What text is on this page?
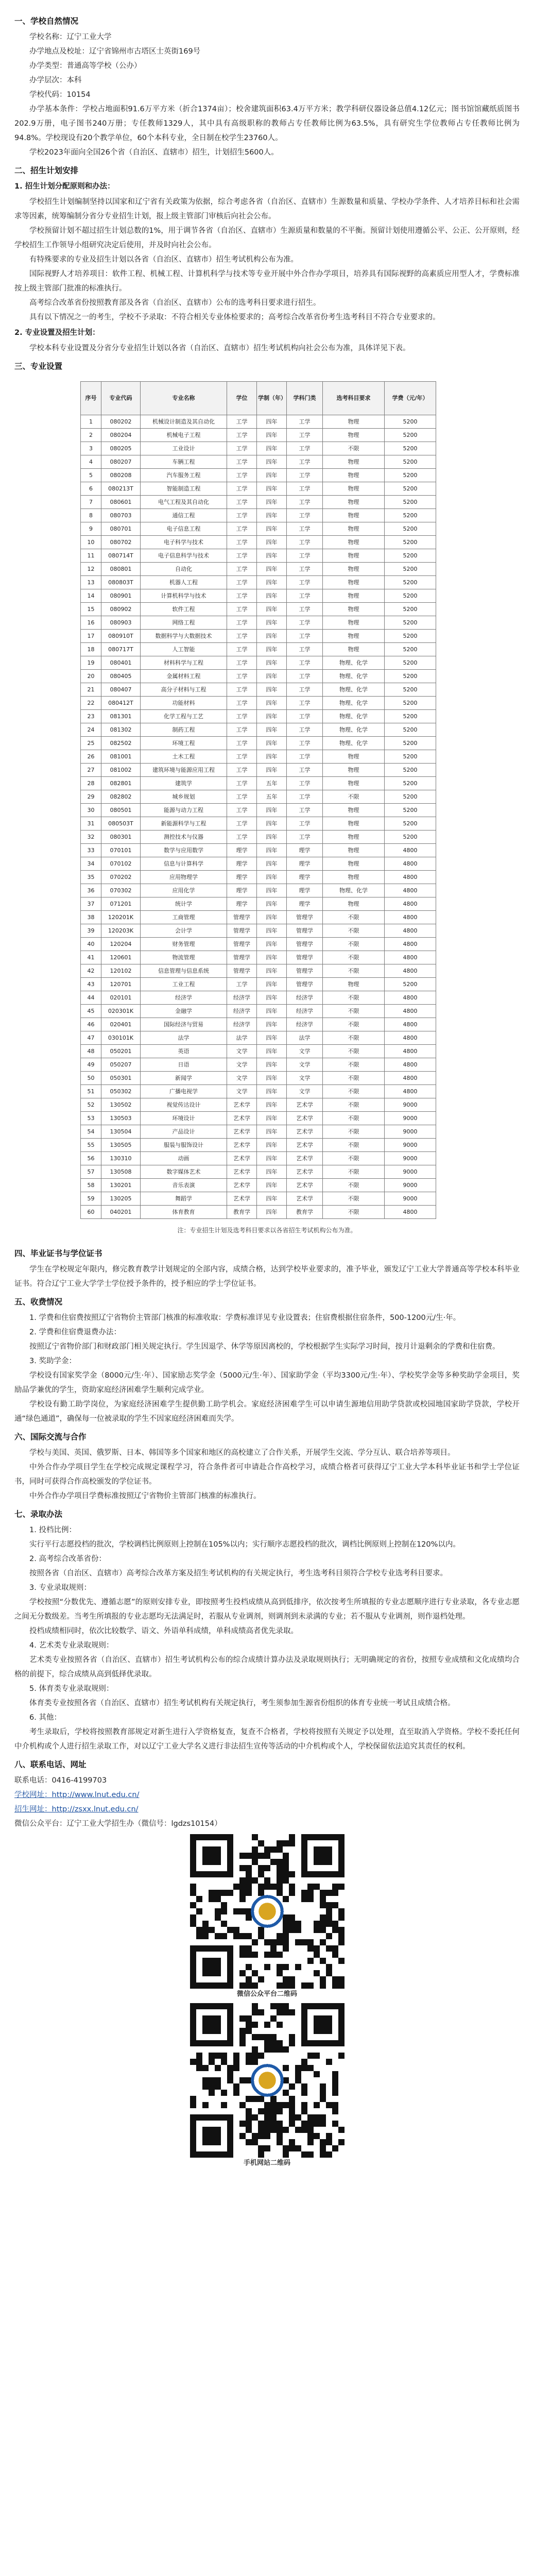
一、学校自然情况

学校名称：辽宁工业大学

办学地点及校址：辽宁省锦州市古塔区士英街169号

办学类型：普通高等学校（公办）

办学层次：本科

学校代码：10154

办学基本条件：学校占地面积91.6万平方米（折合1374亩）；校舍建筑面积63.4万平方米；教学科研仪器设备总值4.12亿元；图书馆馆藏纸质图书202.9万册，电子图书240万册；专任教师1329人，其中具有高级职称的教师占专任教师比例为63.5%，具有研究生学位教师占专任教师比例为94.8%。学校现设有20个教学单位，60个本科专业，全日制在校学生23760人。

学校2023年面向全国26个省（自治区、直辖市）招生，计划招生5600人。

二、招生计划安排
1. 招生计划分配原则和办法：

学校招生计划编制坚持以国家和辽宁省有关政策为依据，综合考虑各省（自治区、直辖市）生源数量和质量、学校办学条件、人才培养目标和社会需求等因素，统筹编制分省分专业招生计划，报上级主管部门审核后向社会公布。

学校预留计划不超过招生计划总数的1%，用于调节各省（自治区、直辖市）生源质量和数量的不平衡。预留计划使用遵循公平、公正、公开原则，经学校招生工作领导小组研究决定后使用，并及时向社会公布。

有特殊要求的专业及招生计划以各省（自治区、直辖市）招生考试机构公布为准。

国际视野人才培养项目：软件工程、机械工程、计算机科学与技术等专业开展中外合作办学项目，培养具有国际视野的高素质应用型人才，学费标准按上级主管部门批准的标准执行。

高考综合改革省份按照教育部及各省（自治区、直辖市）公布的选考科目要求进行招生。

具有以下情况之一的考生，学校不予录取：不符合相关专业体检要求的；高考综合改革省份考生选考科目不符合专业要求的。

2. 专业设置及招生计划：

学校本科专业设置及分省分专业招生计划以各省（自治区、直辖市）招生考试机构向社会公布为准，具体详见下表。

三、专业设置
序号	专业代码	专业名称	学位	学制（年）	学科门类	选考科目要求	学费（元/年）
1	080202	机械设计制造及其自动化	工学	四年	工学	物理	5200
2	080204	机械电子工程	工学	四年	工学	物理	5200
3	080205	工业设计	工学	四年	工学	不限	5200
4	080207	车辆工程	工学	四年	工学	物理	5200
5	080208	汽车服务工程	工学	四年	工学	物理	5200
6	080213T	智能制造工程	工学	四年	工学	物理	5200
7	080601	电气工程及其自动化	工学	四年	工学	物理	5200
8	080703	通信工程	工学	四年	工学	物理	5200
9	080701	电子信息工程	工学	四年	工学	物理	5200
10	080702	电子科学与技术	工学	四年	工学	物理	5200
11	080714T	电子信息科学与技术	工学	四年	工学	物理	5200
12	080801	自动化	工学	四年	工学	物理	5200
13	080803T	机器人工程	工学	四年	工学	物理	5200
14	080901	计算机科学与技术	工学	四年	工学	物理	5200
15	080902	软件工程	工学	四年	工学	物理	5200
16	080903	网络工程	工学	四年	工学	物理	5200
17	080910T	数据科学与大数据技术	工学	四年	工学	物理	5200
18	080717T	人工智能	工学	四年	工学	物理	5200
19	080401	材料科学与工程	工学	四年	工学	物理、化学	5200
20	080405	金属材料工程	工学	四年	工学	物理、化学	5200
21	080407	高分子材料与工程	工学	四年	工学	物理、化学	5200
22	080412T	功能材料	工学	四年	工学	物理、化学	5200
23	081301	化学工程与工艺	工学	四年	工学	物理、化学	5200
24	081302	制药工程	工学	四年	工学	物理、化学	5200
25	082502	环境工程	工学	四年	工学	物理、化学	5200
26	081001	土木工程	工学	四年	工学	物理	5200
27	081002	建筑环境与能源应用工程	工学	四年	工学	物理	5200
28	082801	建筑学	工学	五年	工学	物理	5200
29	082802	城乡规划	工学	五年	工学	不限	5200
30	080501	能源与动力工程	工学	四年	工学	物理	5200
31	080503T	新能源科学与工程	工学	四年	工学	物理	5200
32	080301	测控技术与仪器	工学	四年	工学	物理	5200
33	070101	数学与应用数学	理学	四年	理学	物理	4800
34	070102	信息与计算科学	理学	四年	理学	物理	4800
35	070202	应用物理学	理学	四年	理学	物理	4800
36	070302	应用化学	理学	四年	理学	物理、化学	4800
37	071201	统计学	理学	四年	理学	物理	4800
38	120201K	工商管理	管理学	四年	管理学	不限	4800
39	120203K	会计学	管理学	四年	管理学	不限	4800
40	120204	财务管理	管理学	四年	管理学	不限	4800
41	120601	物流管理	管理学	四年	管理学	不限	4800
42	120102	信息管理与信息系统	管理学	四年	管理学	不限	4800
43	120701	工业工程	工学	四年	管理学	物理	5200
44	020101	经济学	经济学	四年	经济学	不限	4800
45	020301K	金融学	经济学	四年	经济学	不限	4800
46	020401	国际经济与贸易	经济学	四年	经济学	不限	4800
47	030101K	法学	法学	四年	法学	不限	4800
48	050201	英语	文学	四年	文学	不限	4800
49	050207	日语	文学	四年	文学	不限	4800
50	050301	新闻学	文学	四年	文学	不限	4800
51	050302	广播电视学	文学	四年	文学	不限	4800
52	130502	视觉传达设计	艺术学	四年	艺术学	不限	9000
53	130503	环境设计	艺术学	四年	艺术学	不限	9000
54	130504	产品设计	艺术学	四年	艺术学	不限	9000
55	130505	服装与服饰设计	艺术学	四年	艺术学	不限	9000
56	130310	动画	艺术学	四年	艺术学	不限	9000
57	130508	数字媒体艺术	艺术学	四年	艺术学	不限	9000
58	130201	音乐表演	艺术学	四年	艺术学	不限	9000
59	130205	舞蹈学	艺术学	四年	艺术学	不限	9000
60	040201	体育教育	教育学	四年	教育学	不限	4800
注：专业招生计划及选考科目要求以各省招生考试机构公布为准。
四、毕业证书与学位证书

学生在学校规定年限内，修完教育教学计划规定的全部内容，成绩合格，达到学校毕业要求的，准予毕业，颁发辽宁工业大学普通高等学校本科毕业证书。符合辽宁工业大学学士学位授予条件的，授予相应的学士学位证书。

五、收费情况

1. 学费和住宿费按照辽宁省物价主管部门核准的标准收取：学费标准详见专业设置表；住宿费根据住宿条件，500-1200元/生·年。

2. 学费和住宿费退费办法：

按照辽宁省物价部门和财政部门相关规定执行。学生因退学、休学等原因离校的，学校根据学生实际学习时间，按月计退剩余的学费和住宿费。

3. 奖助学金：

学校设有国家奖学金（8000元/生·年）、国家励志奖学金（5000元/生·年）、国家助学金（平均3300元/生·年）、学校奖学金等多种奖助学金项目，奖励品学兼优的学生，资助家庭经济困难学生顺利完成学业。

学校设有勤工助学岗位，为家庭经济困难学生提供勤工助学机会。家庭经济困难学生可以申请生源地信用助学贷款或校园地国家助学贷款，学校开通“绿色通道”，确保每一位被录取的学生不因家庭经济困难而失学。

六、国际交流与合作

学校与美国、英国、俄罗斯、日本、韩国等多个国家和地区的高校建立了合作关系，开展学生交流、学分互认、联合培养等项目。

中外合作办学项目学生在学校完成规定课程学习，符合条件者可申请赴合作高校学习，成绩合格者可获得辽宁工业大学本科毕业证书和学士学位证书，同时可获得合作高校颁发的学位证书。

中外合作办学项目学费标准按照辽宁省物价主管部门核准的标准执行。

七、录取办法

1. 投档比例：

实行平行志愿投档的批次，学校调档比例原则上控制在105%以内；实行顺序志愿投档的批次，调档比例原则上控制在120%以内。

2. 高考综合改革省份：

按照各省（自治区、直辖市）高考综合改革方案及招生考试机构的有关规定执行，考生选考科目须符合学校专业选考科目要求。

3. 专业录取规则：

学校按照“分数优先、遵循志愿”的原则安排专业，即按照考生投档成绩从高到低排序，依次按考生所填报的专业志愿顺序进行专业录取，各专业志愿之间无分数级差。当考生所填报的专业志愿均无法满足时，若服从专业调剂，则调剂到未录满的专业；若不服从专业调剂，则作退档处理。

投档成绩相同时，依次比较数学、语文、外语单科成绩，单科成绩高者优先录取。

4. 艺术类专业录取规则：

艺术类专业按照各省（自治区、直辖市）招生考试机构公布的综合成绩计算办法及录取规则执行；无明确规定的省份，按照专业成绩和文化成绩均合格的前提下，综合成绩从高到低择优录取。

5. 体育类专业录取规则：

体育类专业按照各省（自治区、直辖市）招生考试机构有关规定执行，考生须参加生源省份组织的体育专业统一考试且成绩合格。

6. 其他：

考生录取后，学校将按照教育部规定对新生进行入学资格复查，复查不合格者，学校将按照有关规定予以处理，直至取消入学资格。学校不委托任何中介机构或个人进行招生录取工作，对以辽宁工业大学名义进行非法招生宣传等活动的中介机构或个人，学校保留依法追究其责任的权利。

八、联系电话、网址

联系电话：0416-4199703

学校网址：http://www.lnut.edu.cn/

招生网址：http://zsxx.lnut.edu.cn/

微信公众平台：辽宁工业大学招生办（微信号：lgdzs10154）

微信公众平台二维码
手机网站二维码
